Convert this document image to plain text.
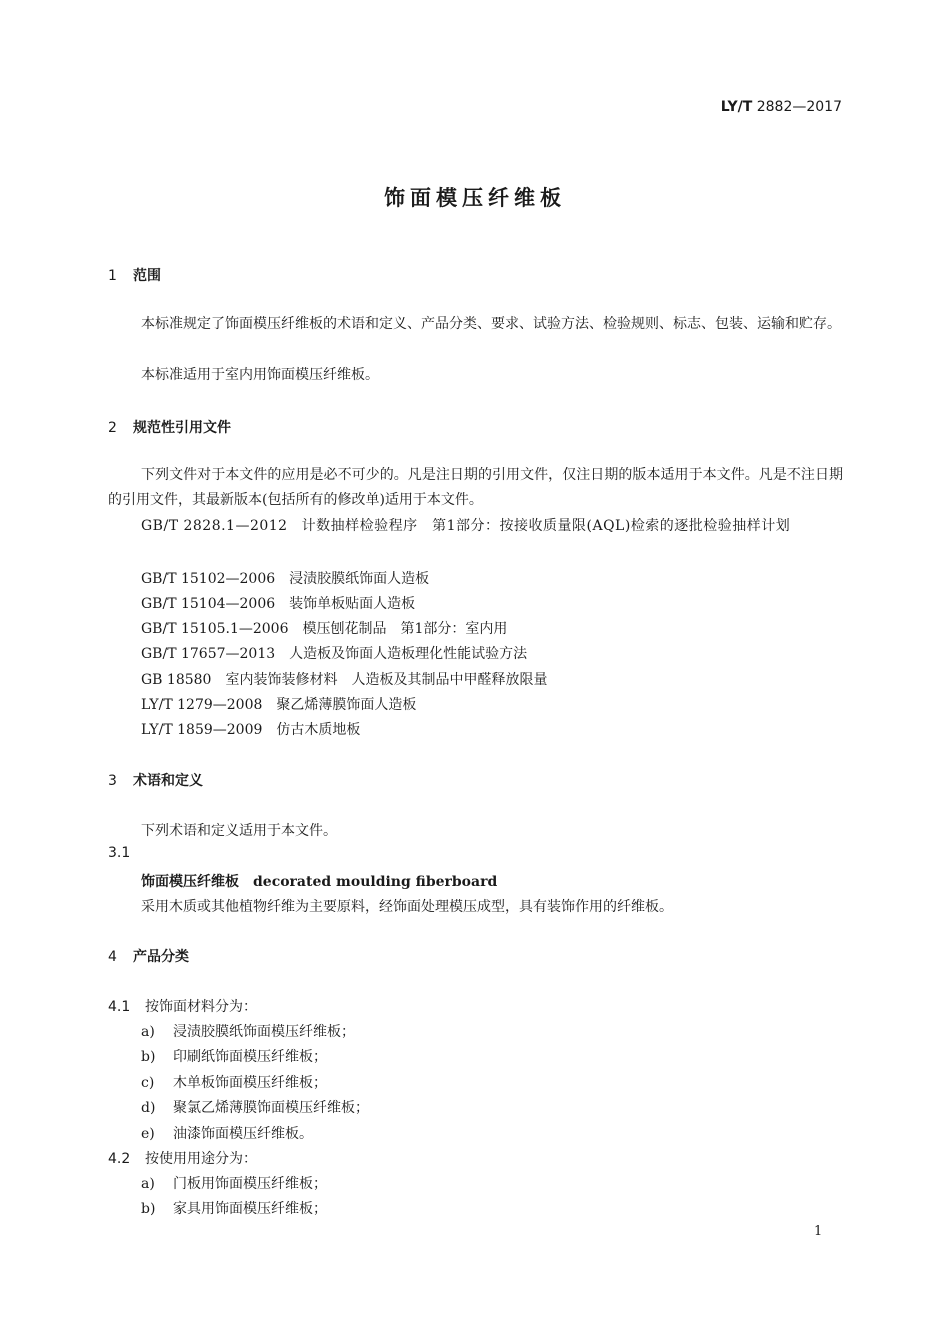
LY/T 2882—2017
饰面模压纤维板
1 范围
本标准规定了饰面模压纤维板的术语和定义、产品分类、要求、试验方法、检验规则、标志、包装、运输和贮存。
本标准适用于室内用饰面模压纤维板。
2 规范性引用文件
下列文件对于本文件的应用是必不可少的。凡是注日期的引用文件，仅注日期的版本适用于本文件。凡是不注日期的引用文件，其最新版本(包括所有的修改单)适用于本文件。
GB/T 2828.1—2012 计数抽样检验程序　第1部分：按接收质量限(AQL)检索的逐批检验抽样计划
GB/T 15102—2006 浸渍胶膜纸饰面人造板
GB/T 15104—2006 装饰单板贴面人造板
GB/T 15105.1—2006 模压刨花制品　第1部分：室内用
GB/T 17657—2013 人造板及饰面人造板理化性能试验方法
GB 18580 室内装饰装修材料　人造板及其制品中甲醛释放限量
LY/T 1279—2008 聚乙烯薄膜饰面人造板
LY/T 1859—2009 仿古木质地板
3 术语和定义
下列术语和定义适用于本文件。
3.1
饰面模压纤维板 decorated moulding fiberboard
采用木质或其他植物纤维为主要原料，经饰面处理模压成型，具有装饰作用的纤维板。
4 产品分类
4.1 按饰面材料分为：
a) 浸渍胶膜纸饰面模压纤维板；
b) 印刷纸饰面模压纤维板；
c) 木单板饰面模压纤维板；
d) 聚氯乙烯薄膜饰面模压纤维板；
e) 油漆饰面模压纤维板。
4.2 按使用用途分为：
a) 门板用饰面模压纤维板；
b) 家具用饰面模压纤维板；
1
